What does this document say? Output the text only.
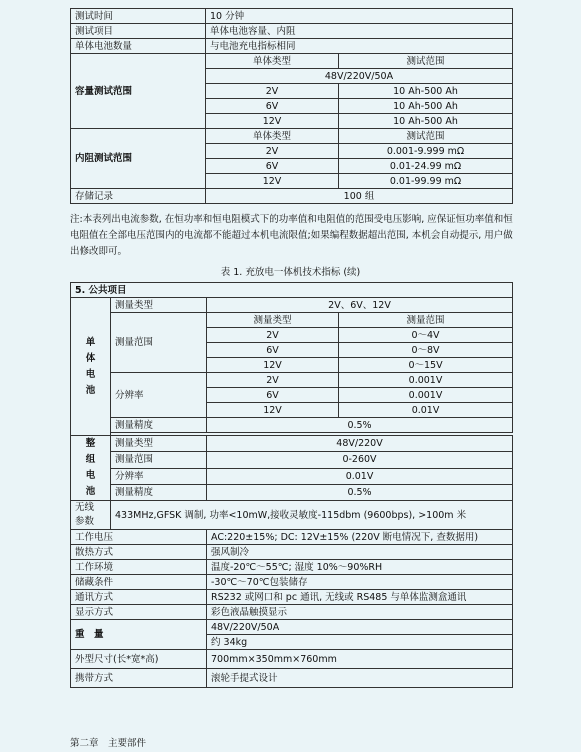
测试时间	10 分钟	
测试项目	单体电池容量、内阻	
单体电池数量	与电池充电指标相同	
容量测试范围	单体类型	测试范围
	48V/220V/50A	
	2V	10 Ah-500 Ah
	6V	10 Ah-500 Ah
	12V	10 Ah-500 Ah
内阻测试范围	单体类型	测试范围
	2V	0.001-9.999 mΩ
	6V	0.01-24.99 mΩ
	12V	0.01-99.99 mΩ
存储记录	100 组	
注:本表列出电流参数, 在恒功率和恒电阻模式下的功率值和电阻值的范围受电压影响, 应保证恒功率值和恒电阻值在全部电压范围内的电流都不能超过本机电流限值;如果编程数据超出范围, 本机会自动提示, 用户做出修改即可。
表 1. 充放电一体机技术指标 (续)
5. 公共项目			
单
体
电
池	测量类型	2V、6V、12V	
	测量范围	测量类型	测量范围
		2V	0～4V
		6V	0～8V
		12V	0～15V
	分辨率	2V	0.001V
		6V	0.001V
		12V	0.01V
	测量精度	0.5%	

整
组
电
池	测量类型	48V/220V	
	测量范围	0-260V	
	分辨率	0.01V	
	测量精度	0.5%	
无线
参数	433MHz,GFSK 调制, 功率<10mW,接收灵敏度-115dbm (9600bps), >100m 米		
工作电压		AC:220±15%; DC: 12V±15% (220V 断电情况下, 查数据用)	
散热方式		强风制冷	
工作环境		温度-20℃～55℃; 湿度 10%～90%RH	
储藏条件		-30℃～70℃包装储存	
通讯方式		RS232 或网口和 pc 通讯, 无线或 RS485 与单体监测盒通讯	
显示方式		彩色液晶触摸显示	
重　量		48V/220V/50A	
		约 34kg	
外型尺寸(长*宽*高)		700mm×350mm×760mm	
携带方式		滚轮手提式设计	
第二章　主要部件
